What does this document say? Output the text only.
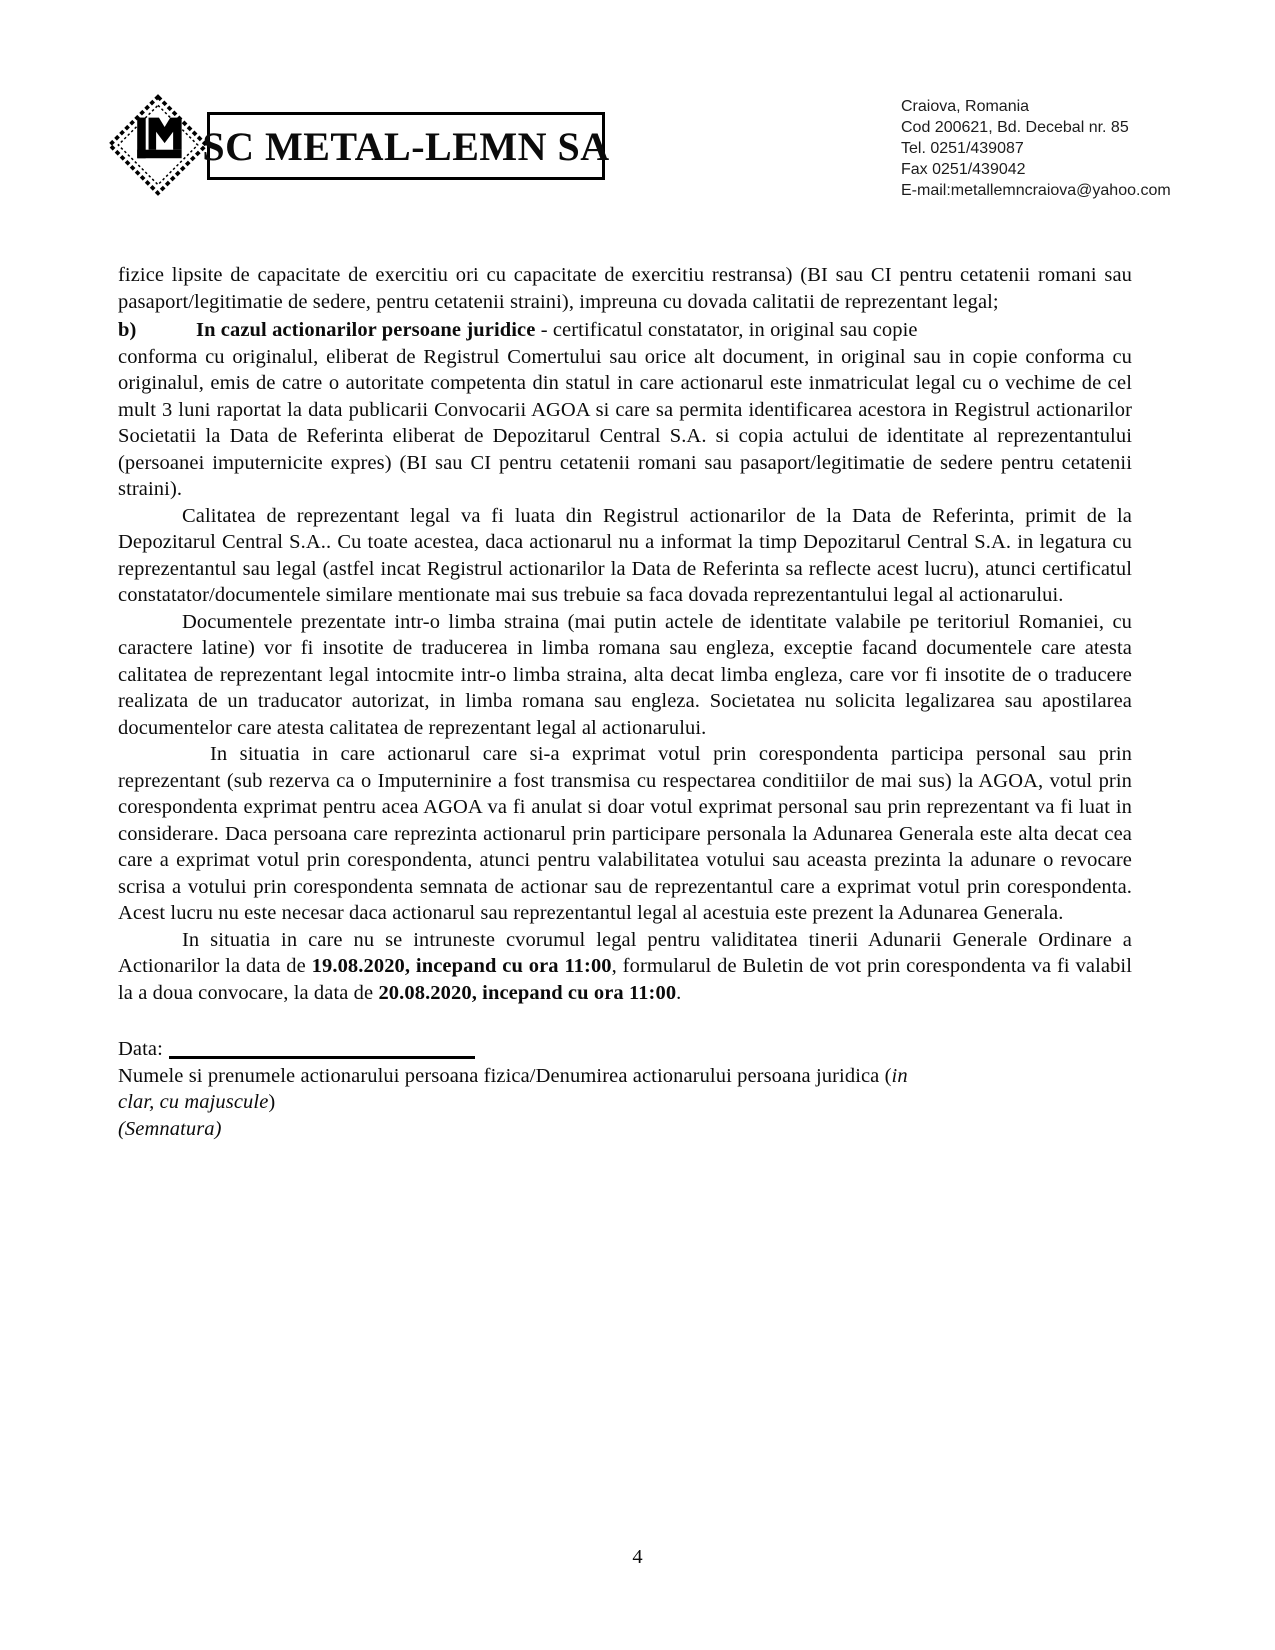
SC METAL-LEMN SA
Craiova, Romania
Cod 200621, Bd. Decebal nr. 85
Tel. 0251/439087
Fax 0251/439042
E-mail:metallemncraiova@yahoo.com

fizice lipsite de capacitate de exercitiu ori cu capacitate de exercitiu restransa) (BI sau CI pentru cetatenii romani sau pasaport/legitimatie de sedere, pentru cetatenii straini), impreuna cu dovada calitatii de reprezentant legal;

b)	In cazul actionarilor persoane juridice - certificatul constatator, in original sau copie

conforma cu originalul, eliberat de Registrul Comertului sau orice alt document, in original sau in copie conforma cu originalul, emis de catre o autoritate competenta din statul in care actionarul este inmatriculat legal cu o vechime de cel mult 3 luni raportat la data publicarii Convocarii AGOA si care sa permita identificarea acestora in Registrul actionarilor Societatii la Data de Referinta eliberat de Depozitarul Central S.A. si copia actului de identitate al reprezentantului (persoanei imputernicite expres) (BI sau CI pentru cetatenii romani sau pasaport/legitimatie de sedere pentru cetatenii straini).

Calitatea de reprezentant legal va fi luata din Registrul actionarilor de la Data de Referinta, primit de la Depozitarul Central S.A.. Cu toate acestea, daca actionarul nu a informat la timp Depozitarul Central S.A. in legatura cu reprezentantul sau legal (astfel incat Registrul actionarilor la Data de Referinta sa reflecte acest lucru), atunci certificatul constatator/documentele similare mentionate mai sus trebuie sa faca dovada reprezentantului legal al actionarului.

Documentele prezentate intr-o limba straina (mai putin actele de identitate valabile pe teritoriul Romaniei, cu caractere latine) vor fi insotite de traducerea in limba romana sau engleza, exceptie facand documentele care atesta calitatea de reprezentant legal intocmite intr-o limba straina, alta decat limba engleza, care vor fi insotite de o traducere realizata de un traducator autorizat, in limba romana sau engleza. Societatea nu solicita legalizarea sau apostilarea documentelor care atesta calitatea de reprezentant legal al actionarului.

In situatia in care actionarul care si-a exprimat votul prin corespondenta participa personal sau prin reprezentant (sub rezerva ca o Imputerninire a fost transmisa cu respectarea conditiilor de mai sus) la AGOA, votul prin corespondenta exprimat pentru acea AGOA va fi anulat si doar votul exprimat personal sau prin reprezentant va fi luat in considerare. Daca persoana care reprezinta actionarul prin participare personala la Adunarea Generala este alta decat cea care a exprimat votul prin corespondenta, atunci pentru valabilitatea votului sau aceasta prezinta la adunare o revocare scrisa a votului prin corespondenta semnata de actionar sau de reprezentantul care a exprimat votul prin corespondenta. Acest lucru nu este necesar daca actionarul sau reprezentantul legal al acestuia este prezent la Adunarea Generala.

In situatia in care nu se intruneste cvorumul legal pentru validitatea tinerii Adunarii Generale Ordinare a Actionarilor la data de 19.08.2020, incepand cu ora 11:00, formularul de Buletin de vot prin corespondenta va fi valabil la a doua convocare, la data de 20.08.2020, incepand cu ora 11:00.

Data:

Numele si prenumele actionarului persoana fizica/Denumirea actionarului persoana juridica (in

clar, cu majuscule)

(Semnatura)

4
